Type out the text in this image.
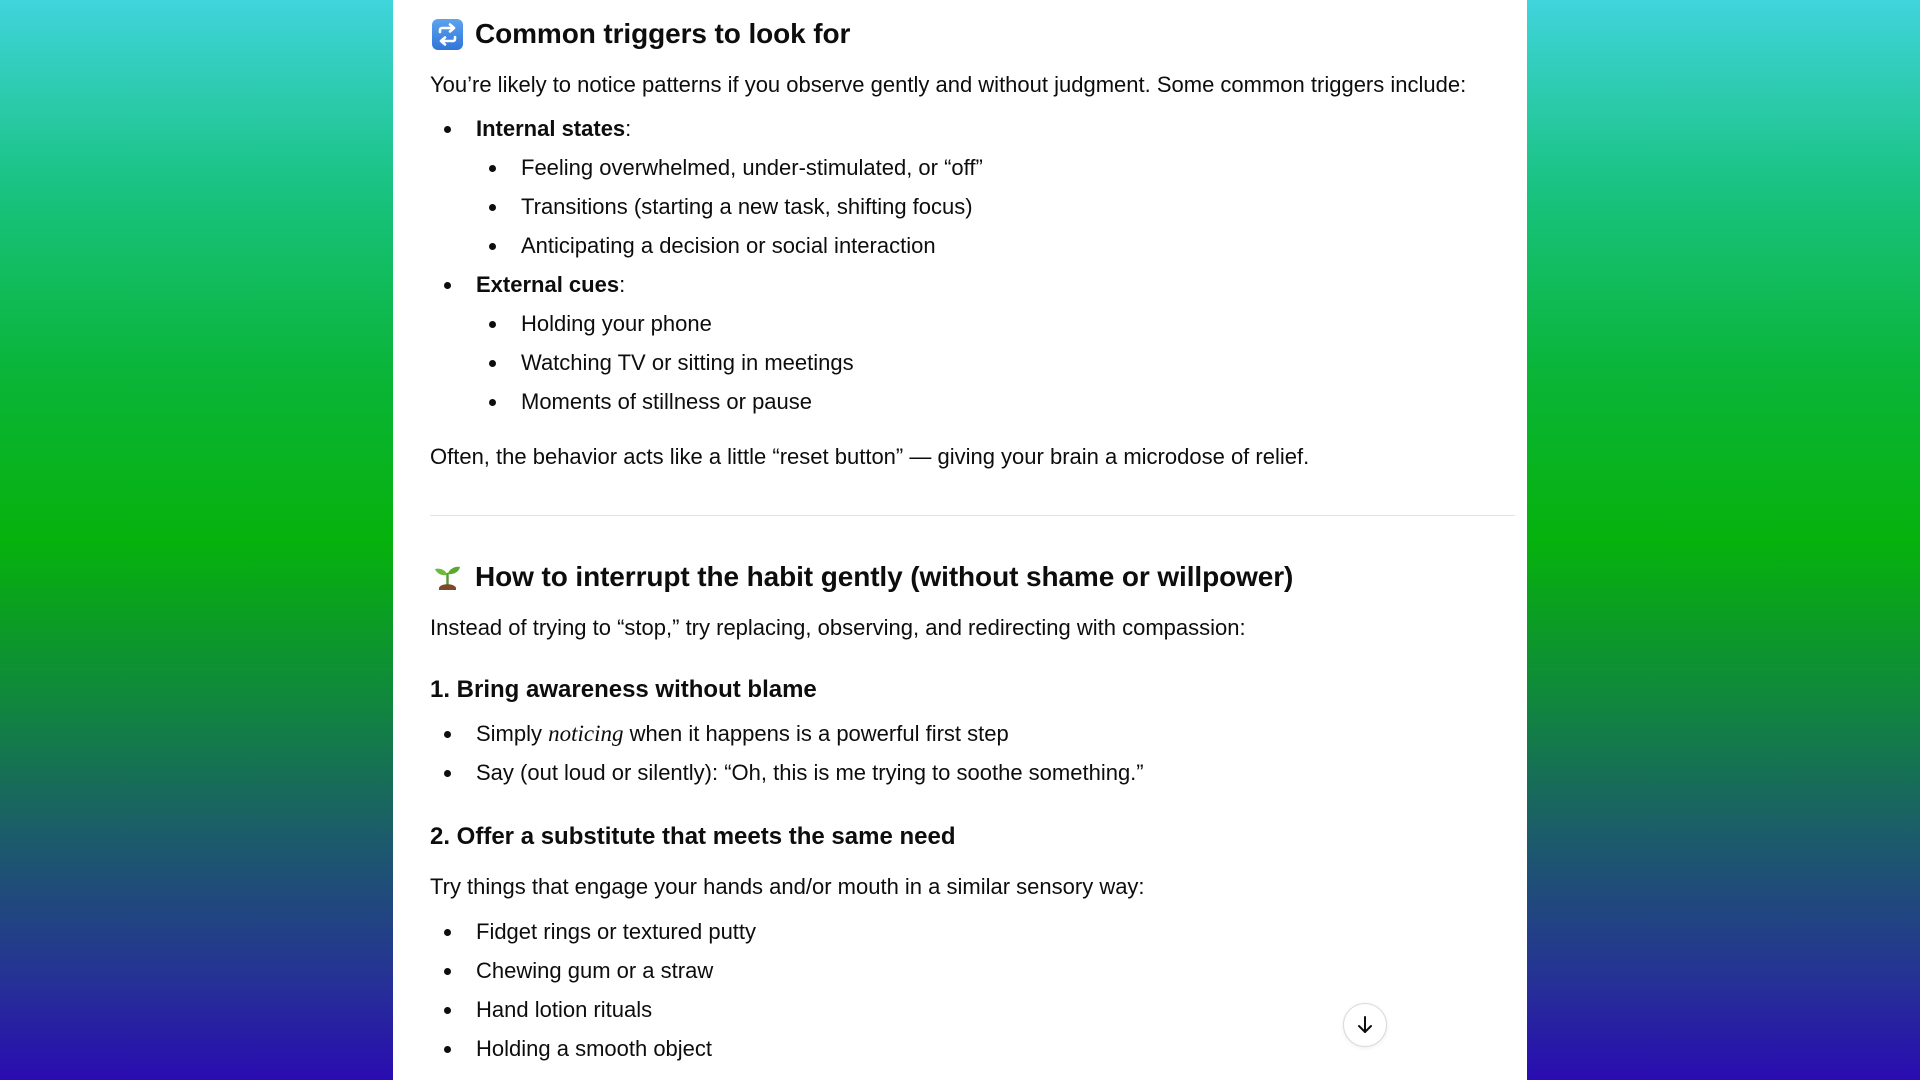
Common triggers to look for

You’re likely to notice patterns if you observe gently and without judgment. Some common triggers include:

Internal states:
Feeling overwhelmed, under-stimulated, or “off”
Transitions (starting a new task, shifting focus)
Anticipating a decision or social interaction
External cues:
Holding your phone
Watching TV or sitting in meetings
Moments of stillness or pause

Often, the behavior acts like a little “reset button” — giving your brain a microdose of relief.

How to interrupt the habit gently (without shame or willpower)

Instead of trying to “stop,” try replacing, observing, and redirecting with compassion:

1. Bring awareness without blame
Simply noticing when it happens is a powerful first step
Say (out loud or silently): “Oh, this is me trying to soothe something.”
2. Offer a substitute that meets the same need

Try things that engage your hands and/or mouth in a similar sensory way:

Fidget rings or textured putty
Chewing gum or a straw
Hand lotion rituals
Holding a smooth object
